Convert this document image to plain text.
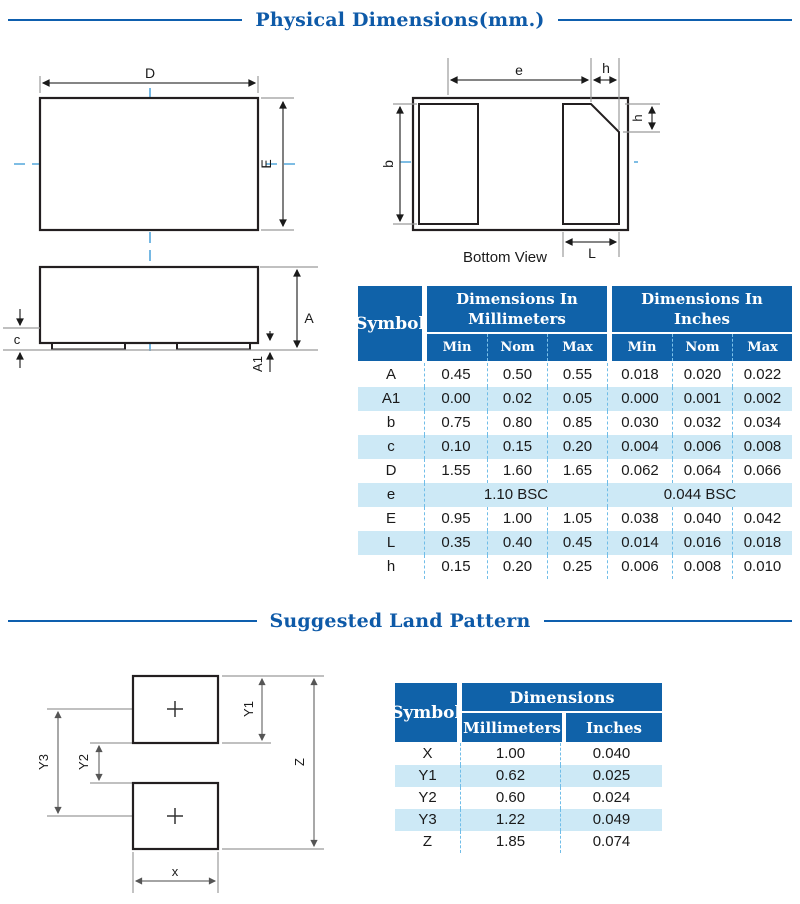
Physical Dimensions(mm.)
D
E
c
A1
A
e	h
h
b
L
Bottom View
Symbol
Dimensions In Millimeters
Dimensions In Inches
Min	Nom	Max	Min	Nom	Max
A	0.45	0.50	0.55	0.018	0.020	0.022
A1	0.00	0.02	0.05	0.000	0.001	0.002
b	0.75	0.80	0.85	0.030	0.032	0.034
c	0.10	0.15	0.20	0.004	0.006	0.008
D	1.55	1.60	1.65	0.062	0.064	0.066
e	1.10 BSC	0.044 BSC
E	0.95	1.00	1.05	0.038	0.040	0.042
L	0.35	0.40	0.45	0.014	0.016	0.018
h	0.15	0.20	0.25	0.006	0.008	0.010
Suggested Land Pattern
Y3 Y2
Y1
Z
x
Symbol
Dimensions
Millimeters	Inches
X	1.00	0.040
Y1	0.62	0.025
Y2	0.60	0.024
Y3	1.22	0.049
Z	1.85	0.074
